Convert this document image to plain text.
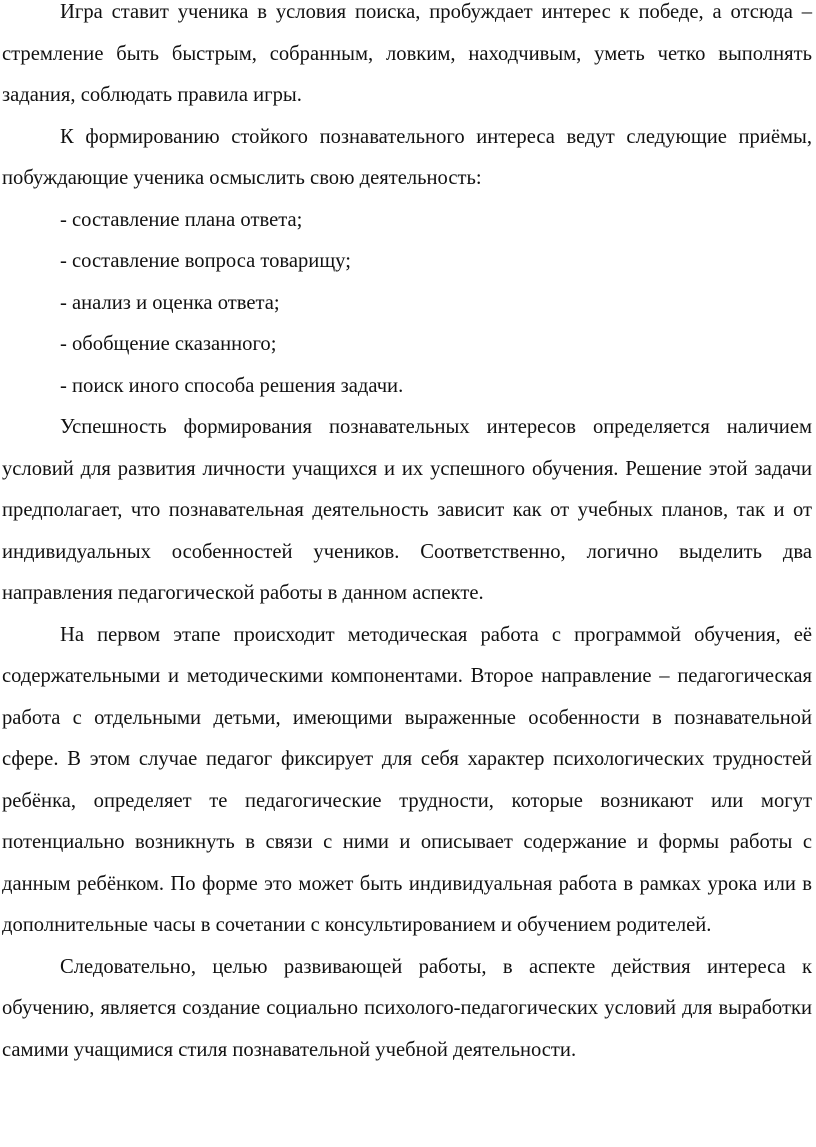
Игра ставит ученика в условия поиска, пробуждает интерес к победе, а отсюда – стремление быть быстрым, собранным, ловким, находчивым, уметь четко выполнять задания, соблюдать правила игры.

К формированию стойкого познавательного интереса ведут следующие приёмы, побуждающие ученика осмыслить свою деятельность:

- составление плана ответа;

- составление вопроса товарищу;

- анализ и оценка ответа;

- обобщение сказанного;

- поиск иного способа решения задачи.

Успешность формирования познавательных интересов определяется наличием условий для развития личности учащихся и их успешного обучения. Решение этой задачи предполагает, что познавательная деятельность зависит как от учебных планов, так и от индивидуальных особенностей учеников. Соответственно, логично выделить два направления педагогической работы в данном аспекте.

На первом этапе происходит методическая работа с программой обучения, её содержательными и методическими компонентами. Второе направление – педагогическая работа с отдельными детьми, имеющими выраженные особенности в познавательной сфере. В этом случае педагог фиксирует для себя характер психологических трудностей ребёнка, определяет те педагогические трудности, которые возникают или могут потенциально возникнуть в связи с ними и описывает содержание и формы работы с данным ребёнком. По форме это может быть индивидуальная работа в рамках урока или в дополнительные часы в сочетании с консультированием и обучением родителей.

Следовательно, целью развивающей работы, в аспекте действия интереса к обучению, является создание социально психолого-педагогических условий для выработки самими учащимися стиля познавательной учебной деятельности.
